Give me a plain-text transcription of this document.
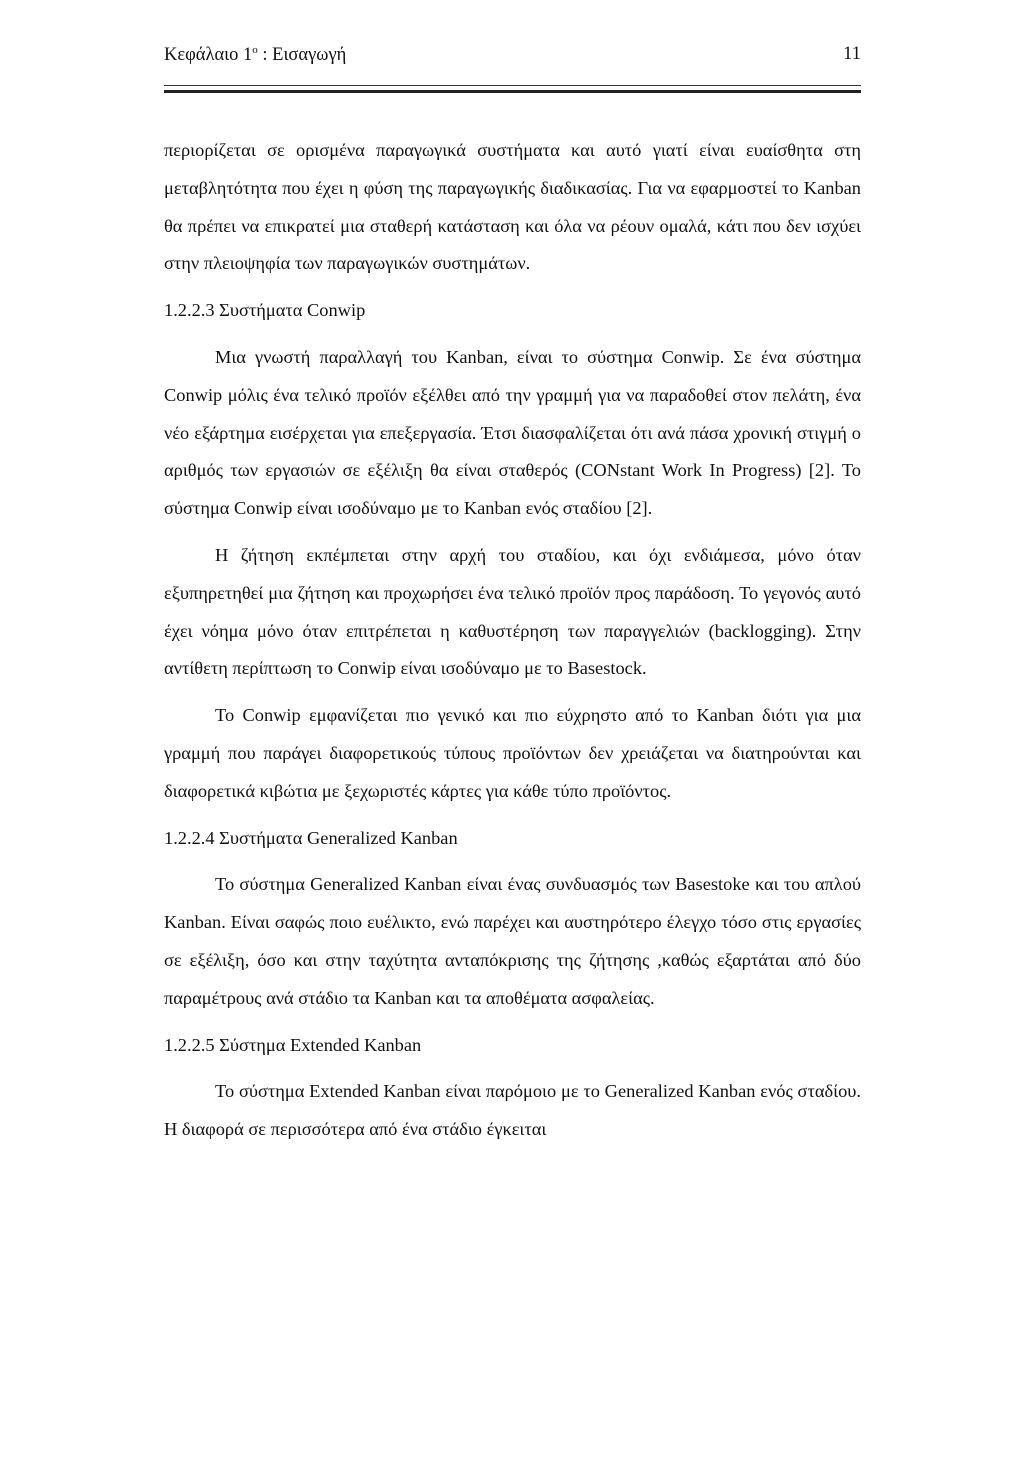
Κεφάλαιο $1^o$ : Εισαγωγή	11

περιορίζεται σε ορισμένα παραγωγικά συστήματα και αυτό γιατί είναι ευαίσθητα στη μεταβλητότητα που έχει η φύση της παραγωγικής διαδικασίας. Για να εφαρμοστεί το Kanban θα πρέπει να επικρατεί μια σταθερή κατάσταση και όλα να ρέουν ομαλά, κάτι που δεν ισχύει στην πλειοψηφία των παραγωγικών συστημάτων.

1.2.2.3 Συστήματα Conwip

Μια γνωστή παραλλαγή του Kanban, είναι το σύστημα Conwip. Σε ένα σύστημα Conwip μόλις ένα τελικό προϊόν εξέλθει από την γραμμή για να παραδοθεί στον πελάτη, ένα νέο εξάρτημα εισέρχεται για επεξεργασία. Έτσι διασφαλίζεται ότι ανά πάσα χρονική στιγμή ο αριθμός των εργασιών σε εξέλιξη θα είναι σταθερός (CONstant Work In Progress) [2]. Το σύστημα Conwip είναι ισοδύναμο με το Kanban ενός σταδίου [2].

Η ζήτηση εκπέμπεται στην αρχή του σταδίου, και όχι ενδιάμεσα, μόνο όταν εξυπηρετηθεί μια ζήτηση και προχωρήσει ένα τελικό προϊόν προς παράδοση. Το γεγονός αυτό έχει νόημα μόνο όταν επιτρέπεται η καθυστέρηση των παραγγελιών (backlogging). Στην αντίθετη περίπτωση το Conwip είναι ισοδύναμο με το Basestock.

Το Conwip εμφανίζεται πιο γενικό και πιο εύχρηστο από το Kanban διότι για μια γραμμή που παράγει διαφορετικούς τύπους προϊόντων δεν χρειάζεται να διατηρούνται και διαφορετικά κιβώτια με ξεχωριστές κάρτες για κάθε τύπο προϊόντος.

1.2.2.4 Συστήματα Generalized Kanban

Το σύστημα Generalized Kanban είναι ένας συνδυασμός των Basestoke και του απλού Kanban. Είναι σαφώς ποιο ευέλικτο, ενώ παρέχει και αυστηρότερο έλεγχο τόσο στις εργασίες σε εξέλιξη, όσο και στην ταχύτητα ανταπόκρισης της ζήτησης ,καθώς εξαρτάται από δύο παραμέτρους ανά στάδιο τα Kanban και τα αποθέματα ασφαλείας.

1.2.2.5 Σύστημα Extended Kanban

Το σύστημα Extended Kanban είναι παρόμοιο με το Generalized Kanban ενός σταδίου. Η διαφορά σε περισσότερα από ένα στάδιο έγκειται
